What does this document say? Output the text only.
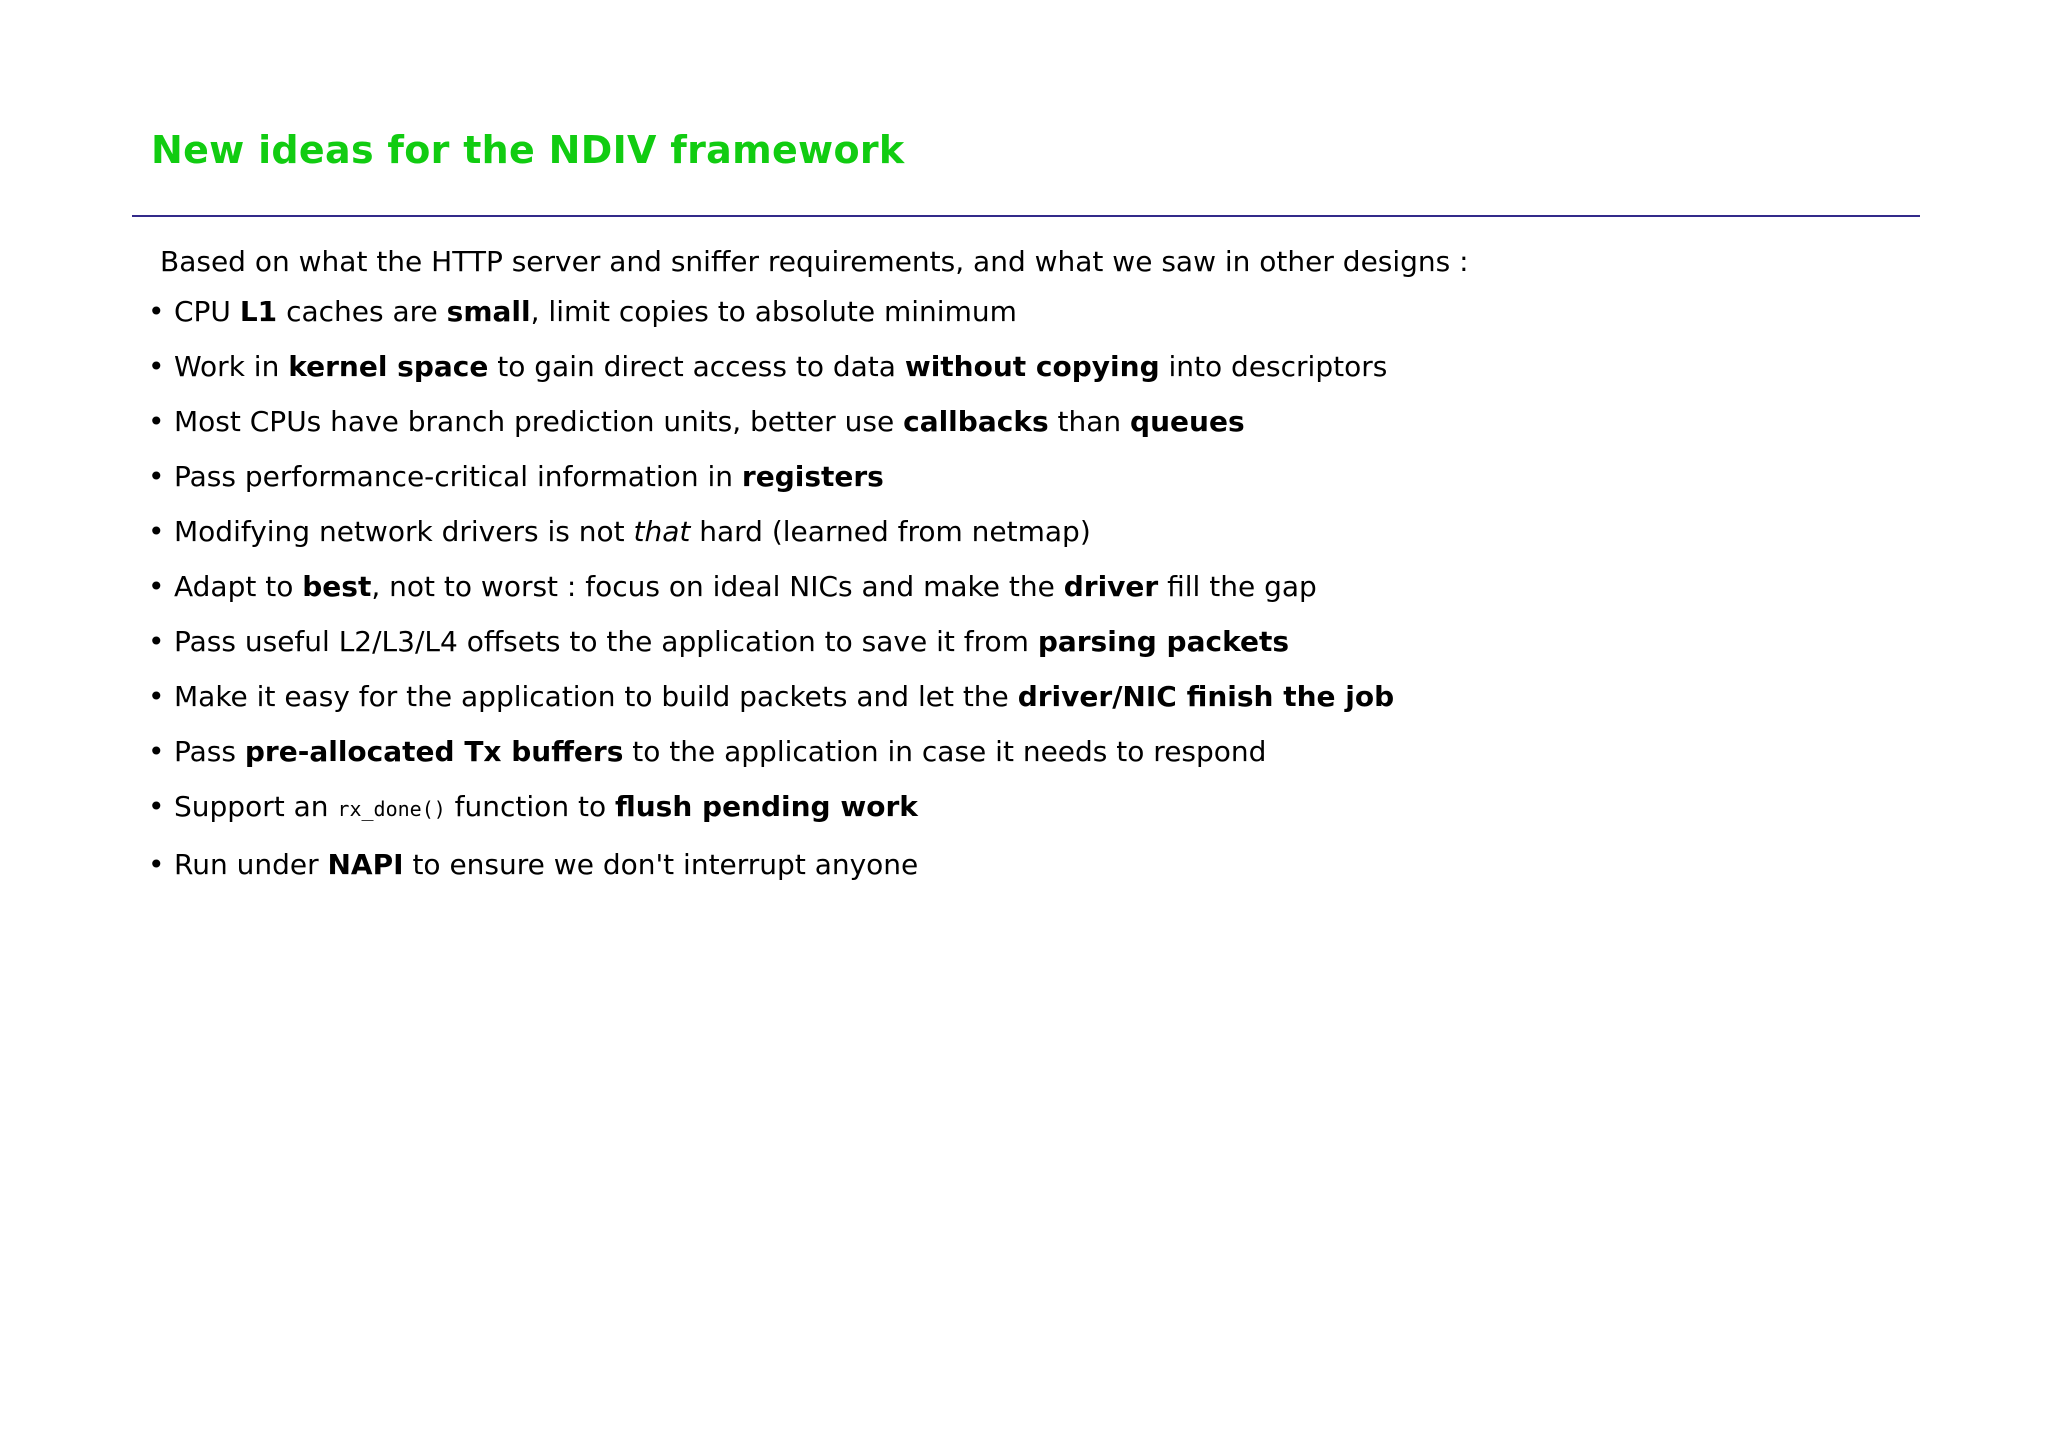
New ideas for the NDIV framework

Based on what the HTTP server and sniffer requirements, and what we saw in other designs :

• CPU L1 caches are small, limit copies to absolute minimum
• Work in kernel space to gain direct access to data without copying into descriptors
• Most CPUs have branch prediction units, better use callbacks than queues
• Pass performance-critical information in registers
• Modifying network drivers is not that hard (learned from netmap)
• Adapt to best, not to worst : focus on ideal NICs and make the driver fill the gap
• Pass useful L2/L3/L4 offsets to the application to save it from parsing packets
• Make it easy for the application to build packets and let the driver/NIC finish the job
• Pass pre-allocated Tx buffers to the application in case it needs to respond
• Support an rx_done() function to flush pending work
• Run under NAPI to ensure we don't interrupt anyone
